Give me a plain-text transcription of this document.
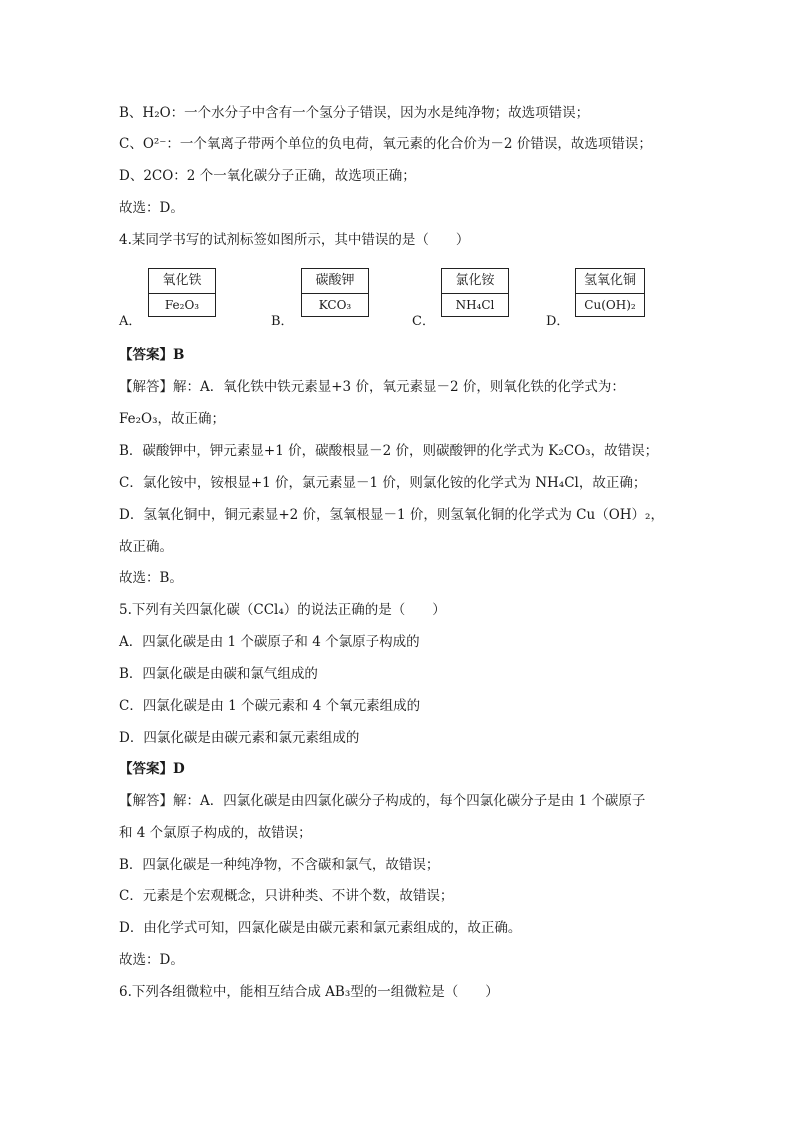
B、H₂O：一个水分子中含有一个氢分子错误，因为水是纯净物；故选项错误；
C、O²⁻：一个氧离子带两个单位的负电荷，氧元素的化合价为－2 价错误，故选项错误；
D、2CO：2 个一氧化碳分子正确，故选项正确；
故选：D。
4.某同学书写的试剂标签如图所示，其中错误的是（　　）
A．
氧化铁
Fe₂O₃
B．
碳酸钾
KCO₃
C．
氯化铵
NH₄Cl
D．
氢氧化铜
Cu(OH)₂
【答案】B
【解答】解：A．氧化铁中铁元素显+3 价，氧元素显－2 价，则氧化铁的化学式为：
Fe₂O₃，故正确；
B．碳酸钾中，钾元素显+1 价，碳酸根显－2 价，则碳酸钾的化学式为 K₂CO₃，故错误；
C．氯化铵中，铵根显+1 价，氯元素显－1 价，则氯化铵的化学式为 NH₄Cl，故正确；
D．氢氧化铜中，铜元素显+2 价，氢氧根显－1 价，则氢氧化铜的化学式为 Cu（OH）₂，
故正确。
故选：B。
5.下列有关四氯化碳（CCl₄）的说法正确的是（　　）
A．四氯化碳是由 1 个碳原子和 4 个氯原子构成的
B．四氯化碳是由碳和氯气组成的
C．四氯化碳是由 1 个碳元素和 4 个氧元素组成的
D．四氯化碳是由碳元素和氯元素组成的
【答案】D
【解答】解：A．四氯化碳是由四氯化碳分子构成的，每个四氯化碳分子是由 1 个碳原子
和 4 个氯原子构成的，故错误；
B．四氯化碳是一种纯净物，不含碳和氯气，故错误；
C．元素是个宏观概念，只讲种类、不讲个数，故错误；
D．由化学式可知，四氯化碳是由碳元素和氯元素组成的，故正确。
故选：D。
6.下列各组微粒中，能相互结合成 AB₃型的一组微粒是（　　）
